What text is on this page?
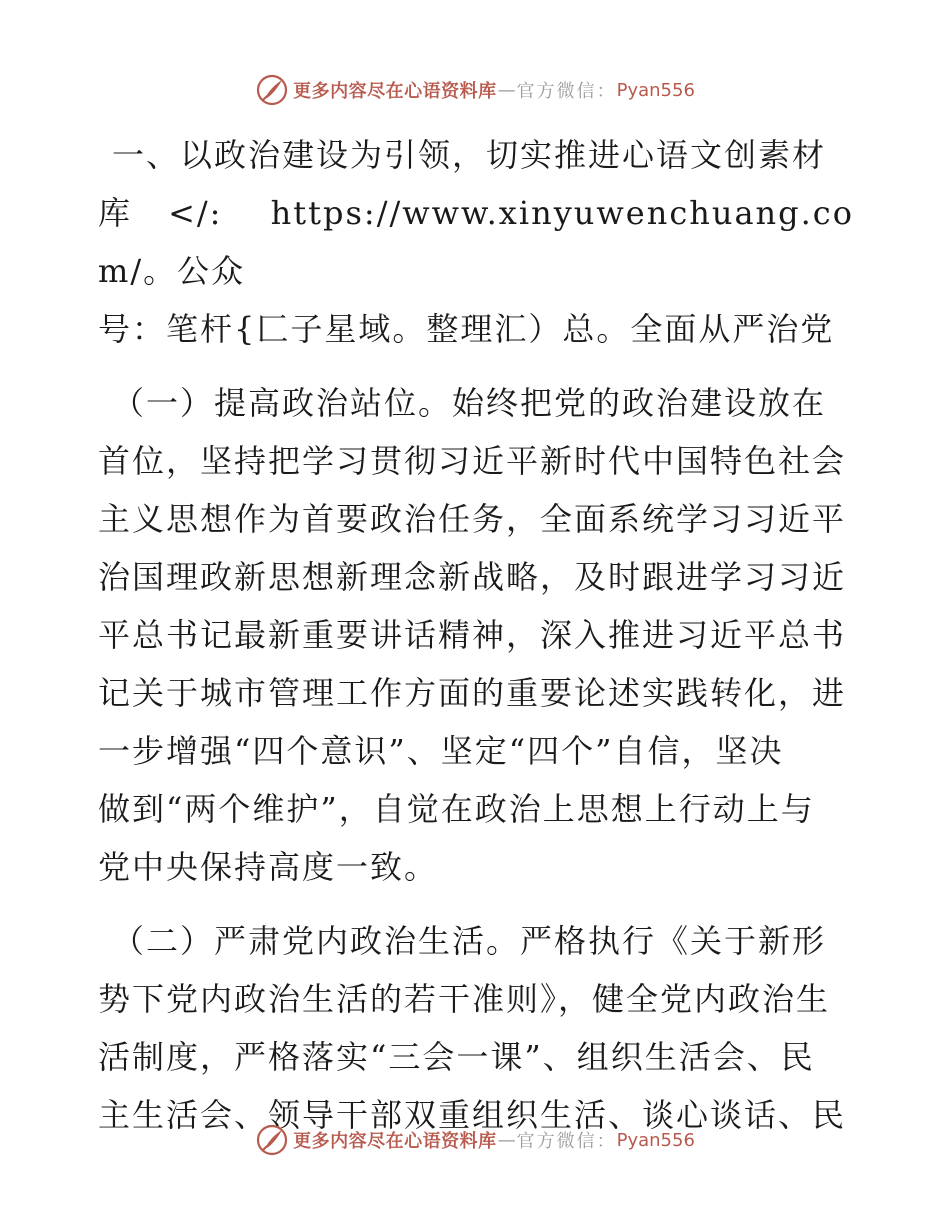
更多内容尽在心语资料库 — 官方微信： Pyan556

一、以政治建设为引领，切实推进心语文创素材
库</: https://www.xinyuwenchuang.com/。公众
号：笔杆{匚子星域。整理汇）总。全面从严治党

（一）提高政治站位。始终把党的政治建设放在
首位，坚持把学习贯彻习近平新时代中国特色社会
主义思想作为首要政治任务，全面系统学习习近平
治国理政新思想新理念新战略，及时跟进学习习近
平总书记最新重要讲话精神，深入推进习近平总书
记关于城市管理工作方面的重要论述实践转化，进
一步增强“四个意识”、坚定“四个”自信，坚决
做到“两个维护”，自觉在政治上思想上行动上与
党中央保持高度一致。

（二）严肃党内政治生活。严格执行《关于新形
势下党内政治生活的若干准则》，健全党内政治生
活制度，严格落实“三会一课”、组织生活会、民
主生活会、领导干部双重组织生活、谈心谈话、民

更多内容尽在心语资料库 — 官方微信： Pyan556
